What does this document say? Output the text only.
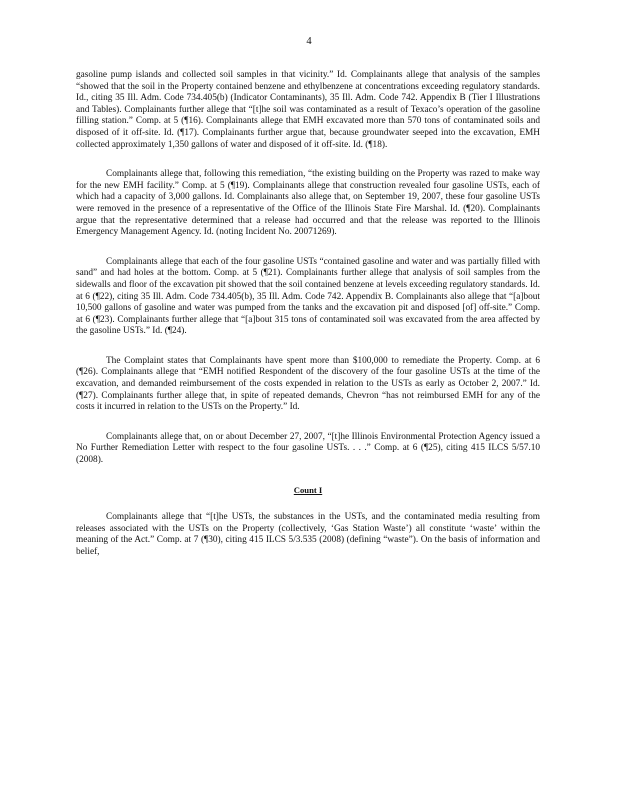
4

gasoline pump islands and collected soil samples in that vicinity.” Id. Complainants allege that analysis of the samples “showed that the soil in the Property contained benzene and ethylbenzene at concentrations exceeding regulatory standards. Id., citing 35 Ill. Adm. Code 734.405(b) (Indicator Contaminants), 35 Ill. Adm. Code 742. Appendix B (Tier I Illustrations and Tables). Complainants further allege that “[t]he soil was contaminated as a result of Texaco’s operation of the gasoline filling station.” Comp. at 5 (¶16). Complainants allege that EMH excavated more than 570 tons of contaminated soils and disposed of it off-site. Id. (¶17). Complainants further argue that, because groundwater seeped into the excavation, EMH collected approximately 1,350 gallons of water and disposed of it off-site. Id. (¶18).

Complainants allege that, following this remediation, “the existing building on the Property was razed to make way for the new EMH facility.” Comp. at 5 (¶19). Complainants allege that construction revealed four gasoline USTs, each of which had a capacity of 3,000 gallons. Id. Complainants also allege that, on September 19, 2007, these four gasoline USTs were removed in the presence of a representative of the Office of the Illinois State Fire Marshal. Id. (¶20). Complainants argue that the representative determined that a release had occurred and that the release was reported to the Illinois Emergency Management Agency. Id. (noting Incident No. 20071269).

Complainants allege that each of the four gasoline USTs “contained gasoline and water and was partially filled with sand” and had holes at the bottom. Comp. at 5 (¶21). Complainants further allege that analysis of soil samples from the sidewalls and floor of the excavation pit showed that the soil contained benzene at levels exceeding regulatory standards. Id. at 6 (¶22), citing 35 Ill. Adm. Code 734.405(b), 35 Ill. Adm. Code 742. Appendix B. Complainants also allege that “[a]bout 10,500 gallons of gasoline and water was pumped from the tanks and the excavation pit and disposed [of] off-site.” Comp. at 6 (¶23). Complainants further allege that “[a]bout 315 tons of contaminated soil was excavated from the area affected by the gasoline USTs.” Id. (¶24).

The Complaint states that Complainants have spent more than $100,000 to remediate the Property. Comp. at 6 (¶26). Complainants allege that “EMH notified Respondent of the discovery of the four gasoline USTs at the time of the excavation, and demanded reimbursement of the costs expended in relation to the USTs as early as October 2, 2007.” Id. (¶27). Complainants further allege that, in spite of repeated demands, Chevron “has not reimbursed EMH for any of the costs it incurred in relation to the USTs on the Property.” Id.

Complainants allege that, on or about December 27, 2007, “[t]he Illinois Environmental Protection Agency issued a No Further Remediation Letter with respect to the four gasoline USTs. . . .” Comp. at 6 (¶25), citing 415 ILCS 5/57.10 (2008).

Count I

Complainants allege that “[t]he USTs, the substances in the USTs, and the contaminated media resulting from releases associated with the USTs on the Property (collectively, ‘Gas Station Waste’) all constitute ‘waste’ within the meaning of the Act.” Comp. at 7 (¶30), citing 415 ILCS 5/3.535 (2008) (defining “waste”). On the basis of information and belief,
